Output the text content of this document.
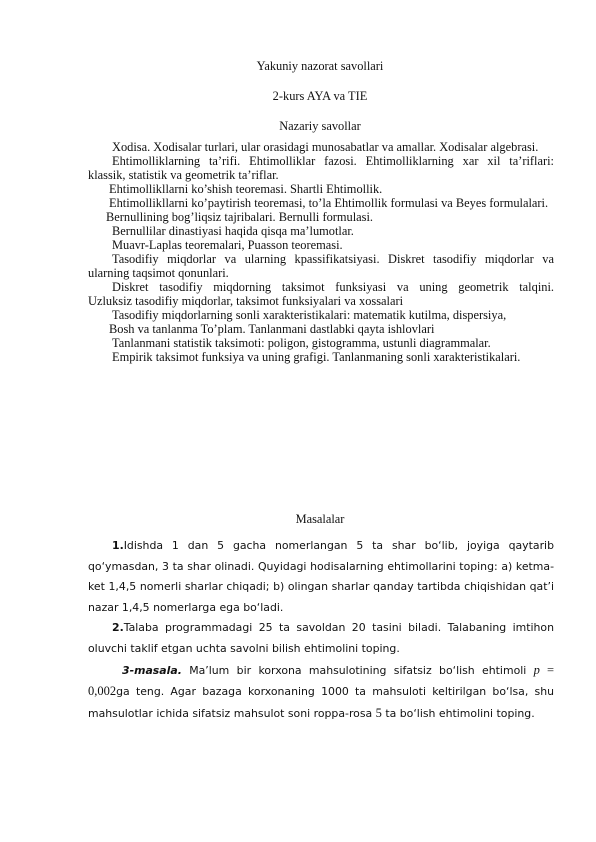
Yakuniy nazorat savollari
2-kurs AYA va TIE
Nazariy savollar

Xodisa. Xodisalar turlari, ular orasidagi munosabatlar va amallar. Xodisalar algebrasi.

Ehtimolliklarning ta’rifi. Ehtimolliklar fazosi. Ehtimolliklarning xar xil ta’riflari: klassik, statistik va geometrik ta’riflar.

Ehtimollikllarni ko’shish teoremasi. Shartli Ehtimollik.

Ehtimollikllarni ko’paytirish teoremasi, to’la Ehtimollik formulasi va Beyes formulalari.

Bernullining bog’liqsiz tajribalari. Bernulli formulasi.

Bernullilar dinastiyasi haqida qisqa ma’lumotlar.

Muavr-Laplas teoremalari, Puasson teoremasi.

Tasodifiy miqdorlar va ularning kpassifikatsiyasi. Diskret tasodifiy miqdorlar va ularning taqsimot qonunlari.

Diskret tasodifiy miqdorning taksimot funksiyasi va uning geometrik talqini.

Uzluksiz tasodifiy miqdorlar, taksimot funksiyalari va xossalari

Tasodifiy miqdorlarning sonli xarakteristikalari: matematik kutilma, dispersiya,

Bosh va tanlanma To’plam. Tanlanmani dastlabki qayta ishlovlari

Tanlanmani statistik taksimoti: poligon, gistogramma, ustunli diagrammalar.

Empirik taksimot funksiya va uning grafigi. Tanlanmaning sonli xarakteristikalari.

Masalalar

1.Idishda 1 dan 5 gacha nomerlangan 5 ta shar bo‘lib, joyiga qaytarib qo‘ymasdan, 3 ta shar olinadi. Quyidagi hodisalarning ehtimollarini toping: a) ketma- ket 1,4,5 nomerli sharlar chiqadi; b) olingan sharlar qanday tartibda chiqishidan qat’i nazar 1,4,5 nomerlarga ega bo‘ladi.

2.Talaba programmadagi 25 ta savoldan 20 tasini biladi. Talabaning imtihon oluvchi taklif etgan uchta savolni bilish ehtimolini toping.

3-masala. Ma’lum bir korxona mahsulotining sifatsiz bo‘lish ehtimoli p = 0,002ga teng. Agar bazaga korxonaning 1000 ta mahsuloti keltirilgan bo‘lsa, shu mahsulotlar ichida sifatsiz mahsulot soni roppa-rosa 5 ta bo‘lish ehtimolini toping.
